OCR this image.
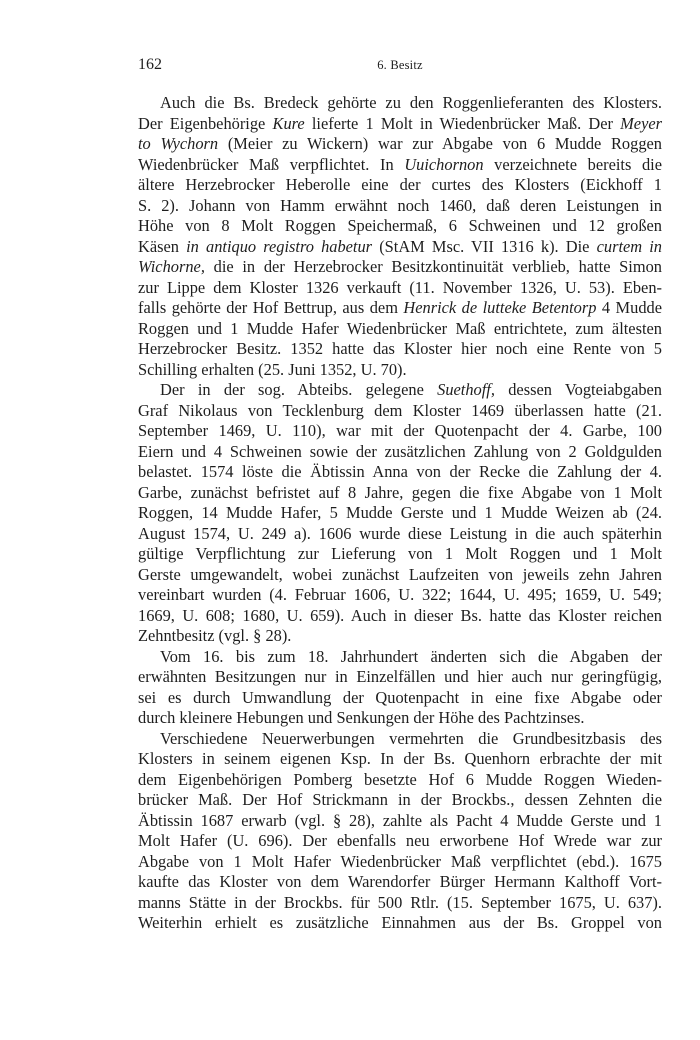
162	6. Besitz
Auch die Bs. Bredeck gehörte zu den Roggenlieferanten des Klosters.
Der Eigenbehörige Kure lieferte 1 Molt in Wiedenbrücker Maß. Der Meyer
to Wychorn (Meier zu Wickern) war zur Abgabe von 6 Mudde Roggen
Wiedenbrücker Maß verpflichtet. In Uuichornon verzeichnete bereits die
ältere Herzebrocker Heberolle eine der curtes des Klosters (Eickhoff 1
S. 2). Johann von Hamm erwähnt noch 1460, daß deren Leistungen in
Höhe von 8 Molt Roggen Speichermaß, 6 Schweinen und 12 großen
Käsen in antiquo registro habetur (StAM Msc. VII 1316 k). Die curtem in
Wichorne, die in der Herzebrocker Besitzkontinuität verblieb, hatte Simon
zur Lippe dem Kloster 1326 verkauft (11. November 1326, U. 53). Eben-
falls gehörte der Hof Bettrup, aus dem Henrick de lutteke Betentorp 4 Mudde
Roggen und 1 Mudde Hafer Wiedenbrücker Maß entrichtete, zum ältesten
Herzebrocker Besitz. 1352 hatte das Kloster hier noch eine Rente von 5
Schilling erhalten (25. Juni 1352, U. 70).
Der in der sog. Abteibs. gelegene Suethoff, dessen Vogteiabgaben
Graf Nikolaus von Tecklenburg dem Kloster 1469 überlassen hatte (21.
September 1469, U. 110), war mit der Quotenpacht der 4. Garbe, 100
Eiern und 4 Schweinen sowie der zusätzlichen Zahlung von 2 Goldgulden
belastet. 1574 löste die Äbtissin Anna von der Recke die Zahlung der 4.
Garbe, zunächst befristet auf 8 Jahre, gegen die fixe Abgabe von 1 Molt
Roggen, 14 Mudde Hafer, 5 Mudde Gerste und 1 Mudde Weizen ab (24.
August 1574, U. 249 a). 1606 wurde diese Leistung in die auch späterhin
gültige Verpflichtung zur Lieferung von 1 Molt Roggen und 1 Molt
Gerste umgewandelt, wobei zunächst Laufzeiten von jeweils zehn Jahren
vereinbart wurden (4. Februar 1606, U. 322; 1644, U. 495; 1659, U. 549;
1669, U. 608; 1680, U. 659). Auch in dieser Bs. hatte das Kloster reichen
Zehntbesitz (vgl. § 28).
Vom 16. bis zum 18. Jahrhundert änderten sich die Abgaben der
erwähnten Besitzungen nur in Einzelfällen und hier auch nur geringfügig,
sei es durch Umwandlung der Quotenpacht in eine fixe Abgabe oder
durch kleinere Hebungen und Senkungen der Höhe des Pachtzinses.
Verschiedene Neuerwerbungen vermehrten die Grundbesitzbasis des
Klosters in seinem eigenen Ksp. In der Bs. Quenhorn erbrachte der mit
dem Eigenbehörigen Pomberg besetzte Hof 6 Mudde Roggen Wieden-
brücker Maß. Der Hof Strickmann in der Brockbs., dessen Zehnten die
Äbtissin 1687 erwarb (vgl. § 28), zahlte als Pacht 4 Mudde Gerste und 1
Molt Hafer (U. 696). Der ebenfalls neu erworbene Hof Wrede war zur
Abgabe von 1 Molt Hafer Wiedenbrücker Maß verpflichtet (ebd.). 1675
kaufte das Kloster von dem Warendorfer Bürger Hermann Kalthoff Vort-
manns Stätte in der Brockbs. für 500 Rtlr. (15. September 1675, U. 637).
Weiterhin erhielt es zusätzliche Einnahmen aus der Bs. Groppel von
